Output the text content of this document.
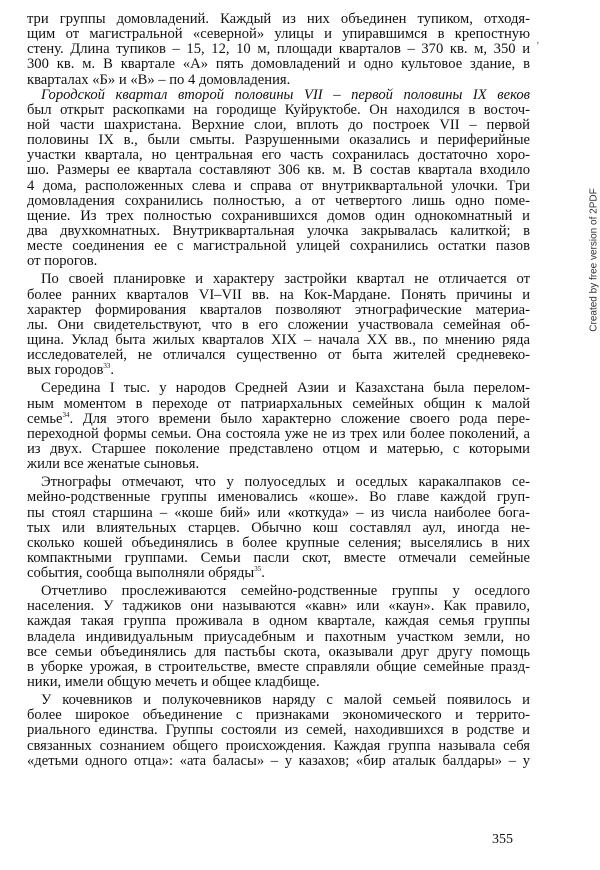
три группы домовладений. Каждый из них объединен тупиком, отходя-
щим от магистральной «северной» улицы и упиравшимся в крепостную
стену. Длина тупиков – 15, 12, 10 м, площади кварталов – 370 кв. м, 350 и
300 кв. м. В квартале «А» пять домовладений и одно культовое здание, в
кварталах «Б» и «В» – по 4 домовладения.
Городской квартал второй половины VII – первой половины IX веков
был открыт раскопками на городище Куйруктобе. Он находился в восточ-
ной части шахристана. Верхние слои, вплоть до построек VII – первой
половины IX в., были смыты. Разрушенными оказались и периферийные
участки квартала, но центральная его часть сохранилась достаточно хоро-
шо. Размеры ее квартала составляют 306 кв. м. В состав квартала входило
4 дома, расположенных слева и справа от внутриквартальной улочки. Три
домовладения сохранились полностью, а от четвертого лишь одно поме-
щение. Из трех полностью сохранившихся домов один однокомнатный и
два двухкомнатных. Внутриквартальная улочка закрывалась калиткой; в
месте соединения ее с магистральной улицей сохранились остатки пазов
от порогов.
По своей планировке и характеру застройки квартал не отличается от
более ранних кварталов VI–VII вв. на Кок-Мардане. Понять причины и
характер формирования кварталов позволяют этнографические материа-
лы. Они свидетельствуют, что в его сложении участвовала семейная об-
щина. Уклад быта жилых кварталов XIX – начала XX вв., по мнению ряда
исследователей, не отличался существенно от быта жителей средневеко-
вых городов$^{33}$.
Середина I тыс. у народов Средней Азии и Казахстана была перелом-
ным моментом в переходе от патриархальных семейных общин к малой
семье$^{34}$. Для этого времени было характерно сложение своего рода пере-
переходной формы семьи. Она состояла уже не из трех или более поколений, а
из двух. Старшее поколение представлено отцом и матерью, с которыми
жили все женатые сыновья.
Этнографы отмечают, что у полуоседлых и оседлых каракалпаков се-
мейно-родственные группы именовались «коше». Во главе каждой груп-
пы стоял старшина – «коше бий» или «коткуда» – из числа наиболее бога-
тых или влиятельных старцев. Обычно кош составлял аул, иногда не-
сколько кошей объединялись в более крупные селения; выселялись в них
компактными группами. Семьи пасли скот, вместе отмечали семейные
события, сообща выполняли обряды$^{35}$.
Отчетливо прослеживаются семейно-родственные группы у оседлого
населения. У таджиков они называются «кавн» или «каун». Как правило,
каждая такая группа проживала в одном квартале, каждая семья группы
владела индивидуальным приусадебным и пахотным участком земли, но
все семьи объединялись для пастьбы скота, оказывали друг другу помощь
в уборке урожая, в строительстве, вместе справляли общие семейные празд-
ники, имели общую мечеть и общее кладбище.
У кочевников и полукочевников наряду с малой семьей появилось и
более широкое объединение с признаками экономического и террито-
риального единства. Группы состояли из семей, находившихся в родстве и
связанных сознанием общего происхождения. Каждая группа называла себя
«детьми одного отца»: «ата баласы» – у казахов; «бир аталык балдары» – у
'
Created by free version of 2PDF
355
